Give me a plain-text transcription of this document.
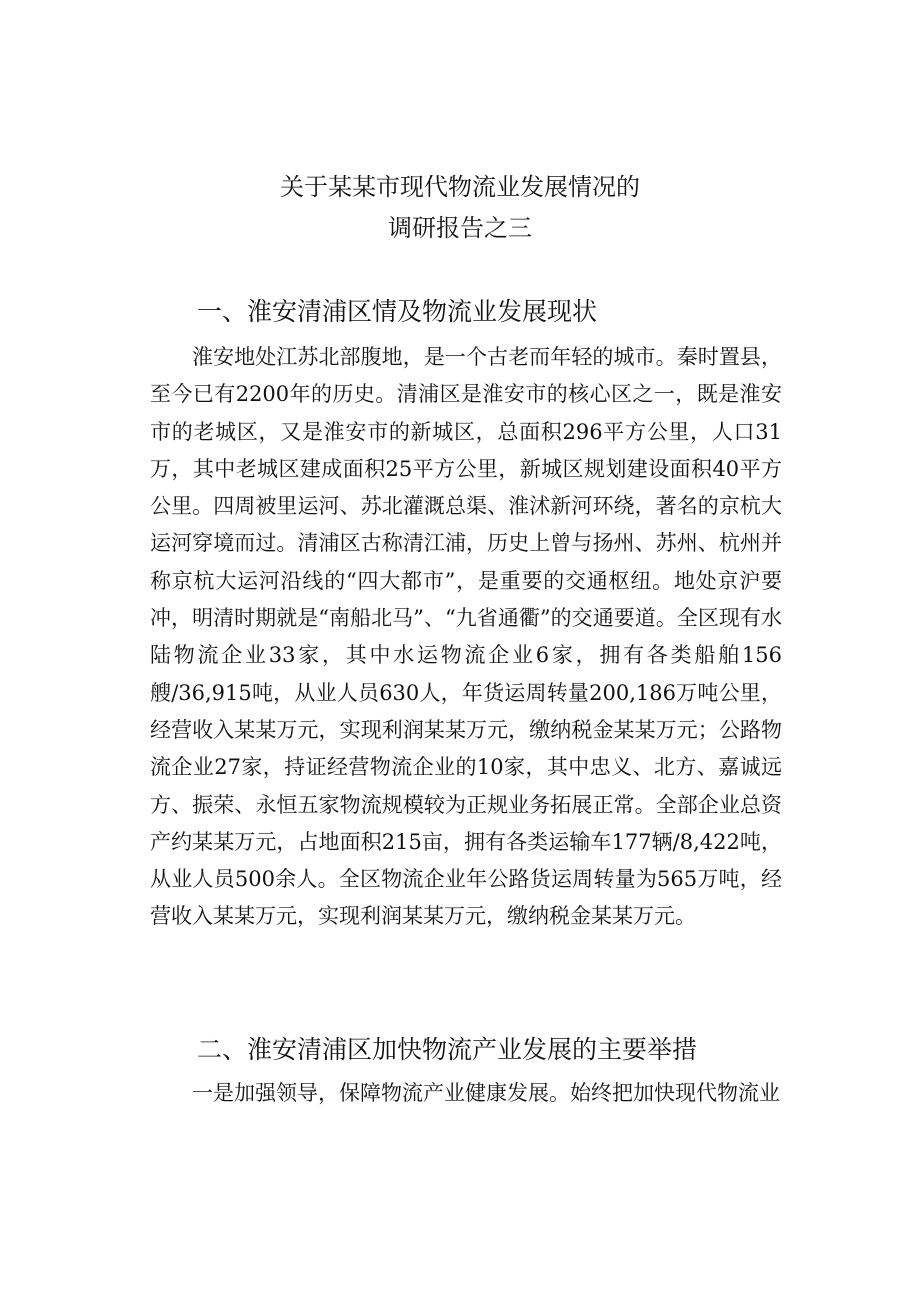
关于某某市现代物流业发展情况的
调研报告之三
一、淮安清浦区情及物流业发展现状
淮安地处江苏北部腹地，是一个古老而年轻的城市。秦时置县，至今已有2200年的历史。清浦区是淮安市的核心区之一，既是淮安市的老城区，又是淮安市的新城区，总面积296平方公里，人口31万，其中老城区建成面积25平方公里，新城区规划建设面积40平方公里。四周被里运河、苏北灌溉总渠、淮沭新河环绕，著名的京杭大运河穿境而过。清浦区古称清江浦，历史上曾与扬州、苏州、杭州并称京杭大运河沿线的“四大都市”，是重要的交通枢纽。地处京沪要冲，明清时期就是“南船北马”、“九省通衢”的交通要道。全区现有水陆物流企业33家，其中水运物流企业6家，拥有各类船舶156艘/36,915吨，从业人员630人，年货运周转量200,186万吨公里，经营收入某某万元，实现利润某某万元，缴纳税金某某万元；公路物流企业27家，持证经营物流企业的10家，其中忠义、北方、嘉诚远方、振荣、永恒五家物流规模较为正规业务拓展正常。全部企业总资产约某某万元，占地面积215亩，拥有各类运输车177辆/8,422吨，从业人员500余人。全区物流企业年公路货运周转量为565万吨，经营收入某某万元，实现利润某某万元，缴纳税金某某万元。
二、淮安清浦区加快物流产业发展的主要举措
一是加强领导，保障物流产业健康发展。始终把加快现代物流业
